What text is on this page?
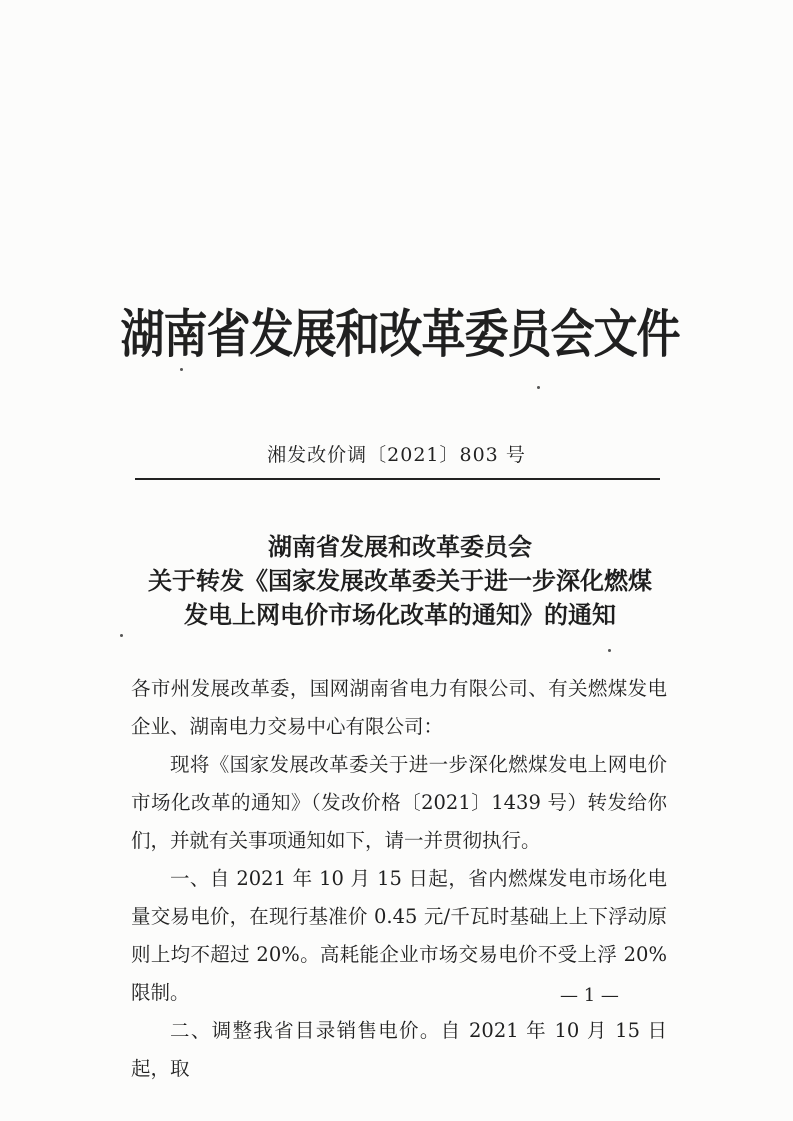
湖南省发展和改革委员会文件
湘发改价调〔2021〕803 号
湖南省发展和改革委员会
关于转发《国家发展改革委关于进一步深化燃煤
发电上网电价市场化改革的通知》的通知

各市州发展改革委，国网湖南省电力有限公司、有关燃煤发电企业、湖南电力交易中心有限公司：

现将《国家发展改革委关于进一步深化燃煤发电上网电价市场化改革的通知》（发改价格〔2021〕1439 号）转发给你们，并就有关事项通知如下，请一并贯彻执行。

一、自 2021 年 10 月 15 日起，省内燃煤发电市场化电量交易电价，在现行基准价 0.45 元/千瓦时基础上上下浮动原则上均不超过 20%。高耗能企业市场交易电价不受上浮 20%限制。

二、调整我省目录销售电价。自 2021 年 10 月 15 日起，取

— 1 —
